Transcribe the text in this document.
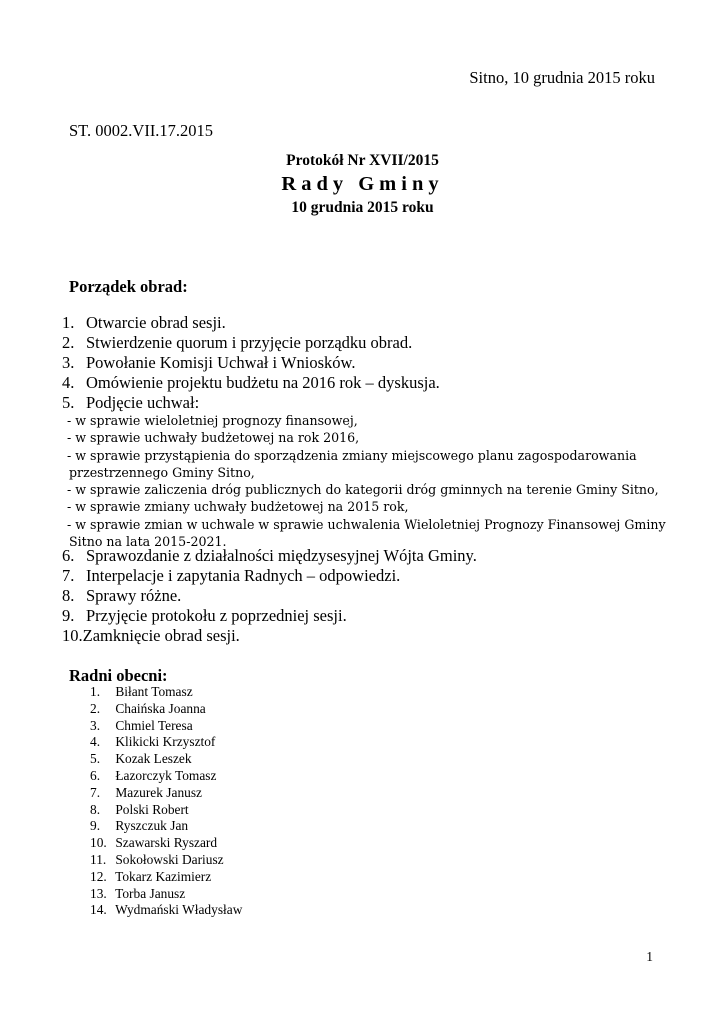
Sitno, 10 grudnia 2015 roku
ST. 0002.VII.17.2015
Protokół Nr XVII/2015
Rady Gminy
10 grudnia 2015 roku
Porządek obrad:
1. Otwarcie obrad sesji.
2. Stwierdzenie quorum i przyjęcie porządku obrad.
3. Powołanie Komisji Uchwał i Wniosków.
4. Omówienie projektu budżetu na 2016 rok – dyskusja.
5. Podjęcie uchwał:
- w sprawie wieloletniej prognozy finansowej,
- w sprawie uchwały budżetowej na rok 2016,
- w sprawie przystąpienia do sporządzenia zmiany miejscowego planu zagospodarowania
przestrzennego Gminy Sitno,
- w sprawie zaliczenia dróg publicznych do kategorii dróg gminnych na terenie Gminy Sitno,
- w sprawie zmiany uchwały budżetowej na 2015 rok,
- w sprawie zmian w uchwale w sprawie uchwalenia Wieloletniej Prognozy Finansowej Gminy
Sitno na lata 2015-2021.
6. Sprawozdanie z działalności międzysesyjnej Wójta Gminy.
7. Interpelacje i zapytania Radnych – odpowiedzi.
8. Sprawy różne.
9. Przyjęcie protokołu z poprzedniej sesji.
10.Zamknięcie obrad sesji.
Radni obecni:
1. Biłant Tomasz
2. Chaińska Joanna
3. Chmiel Teresa
4. Klikicki Krzysztof
5. Kozak Leszek
6. Łazorczyk Tomasz
7. Mazurek Janusz
8. Polski Robert
9. Ryszczuk Jan
10. Szawarski Ryszard
11. Sokołowski Dariusz
12. Tokarz Kazimierz
13. Torba Janusz
14. Wydmański Władysław
1
